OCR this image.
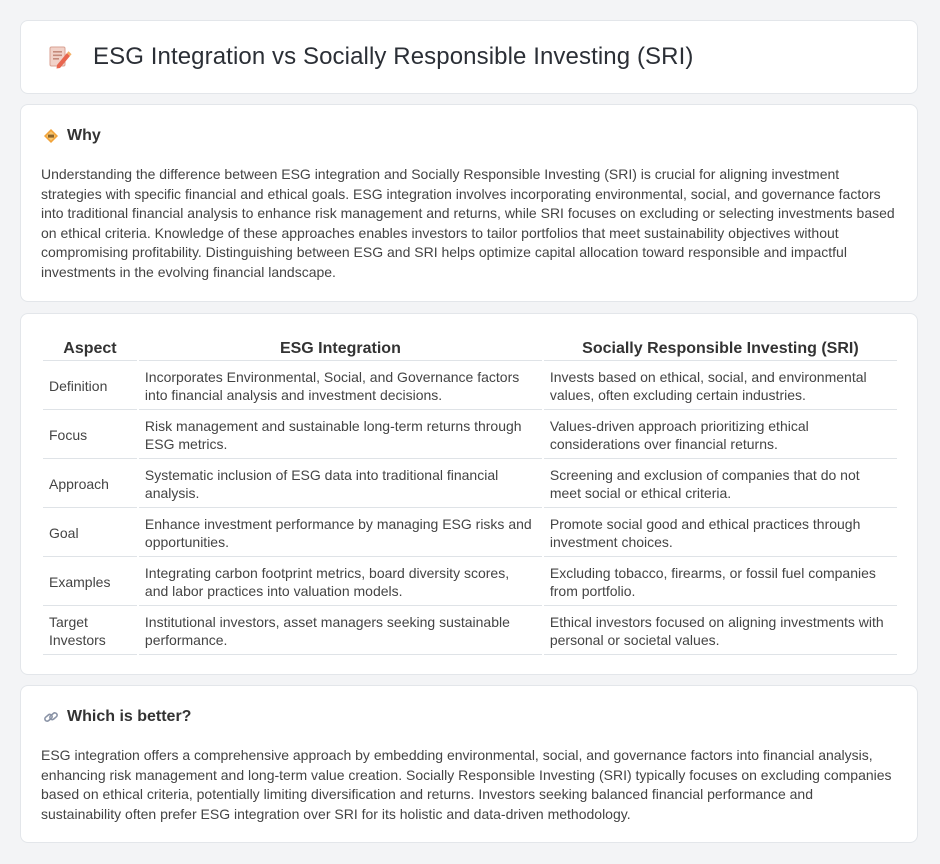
ESG Integration vs Socially Responsible Investing (SRI)
Why
Understanding the difference between ESG integration and Socially Responsible Investing (SRI) is crucial for aligning investment strategies with specific financial and ethical goals. ESG integration involves incorporating environmental, social, and governance factors into traditional financial analysis to enhance risk management and returns, while SRI focuses on excluding or selecting investments based on ethical criteria. Knowledge of these approaches enables investors to tailor portfolios that meet sustainability objectives without compromising profitability. Distinguishing between ESG and SRI helps optimize capital allocation toward responsible and impactful investments in the evolving financial landscape.
Aspect	ESG Integration	Socially Responsible Investing (SRI)
Definition	Incorporates Environmental, Social, and Governance factors into financial analysis and investment decisions.	Invests based on ethical, social, and environmental values, often excluding certain industries.
Focus	Risk management and sustainable long-term returns through ESG metrics.	Values-driven approach prioritizing ethical considerations over financial returns.
Approach	Systematic inclusion of ESG data into traditional financial analysis.	Screening and exclusion of companies that do not meet social or ethical criteria.
Goal	Enhance investment performance by managing ESG risks and opportunities.	Promote social good and ethical practices through investment choices.
Examples	Integrating carbon footprint metrics, board diversity scores, and labor practices into valuation models.	Excluding tobacco, firearms, or fossil fuel companies from portfolio.
Target Investors	Institutional investors, asset managers seeking sustainable performance.	Ethical investors focused on aligning investments with personal or societal values.
Which is better?
ESG integration offers a comprehensive approach by embedding environmental, social, and governance factors into financial analysis, enhancing risk management and long-term value creation. Socially Responsible Investing (SRI) typically focuses on excluding companies based on ethical criteria, potentially limiting diversification and returns. Investors seeking balanced financial performance and sustainability often prefer ESG integration over SRI for its holistic and data-driven methodology.
